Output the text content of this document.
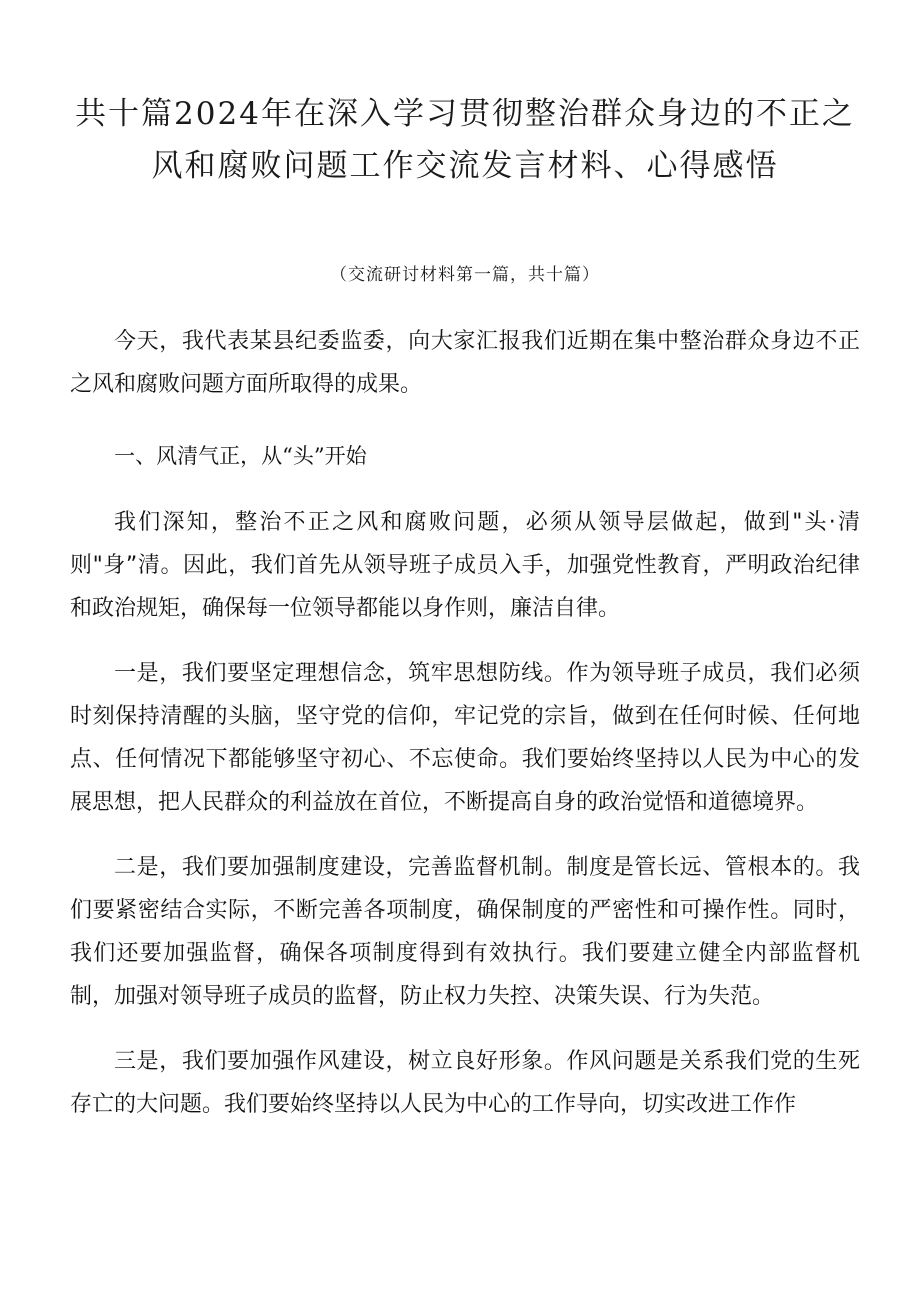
共十篇2024年在深入学习贯彻整治群众身边的不正之风和腐败问题工作交流发言材料、心得感悟
（交流研讨材料第一篇，共十篇）

今天，我代表某县纪委监委，向大家汇报我们近期在集中整治群众身边不正之风和腐败问题方面所取得的成果。

一、风清气正，从“头”开始

我们深知，整治不正之风和腐败问题，必须从领导层做起，做到"头·清则"身”清。因此，我们首先从领导班子成员入手，加强党性教育，严明政治纪律和政治规矩，确保每一位领导都能以身作则，廉洁自律。

一是，我们要坚定理想信念，筑牢思想防线。作为领导班子成员，我们必须时刻保持清醒的头脑，坚守党的信仰，牢记党的宗旨，做到在任何时候、任何地点、任何情况下都能够坚守初心、不忘使命。我们要始终坚持以人民为中心的发展思想，把人民群众的利益放在首位，不断提高自身的政治觉悟和道德境界。

二是，我们要加强制度建设，完善监督机制。制度是管长远、管根本的。我们要紧密结合实际，不断完善各项制度，确保制度的严密性和可操作性。同时，我们还要加强监督，确保各项制度得到有效执行。我们要建立健全内部监督机制，加强对领导班子成员的监督，防止权力失控、决策失误、行为失范。

三是，我们要加强作风建设，树立良好形象。作风问题是关系我们党的生死存亡的大问题。我们要始终坚持以人民为中心的工作导向，切实改进工作作
